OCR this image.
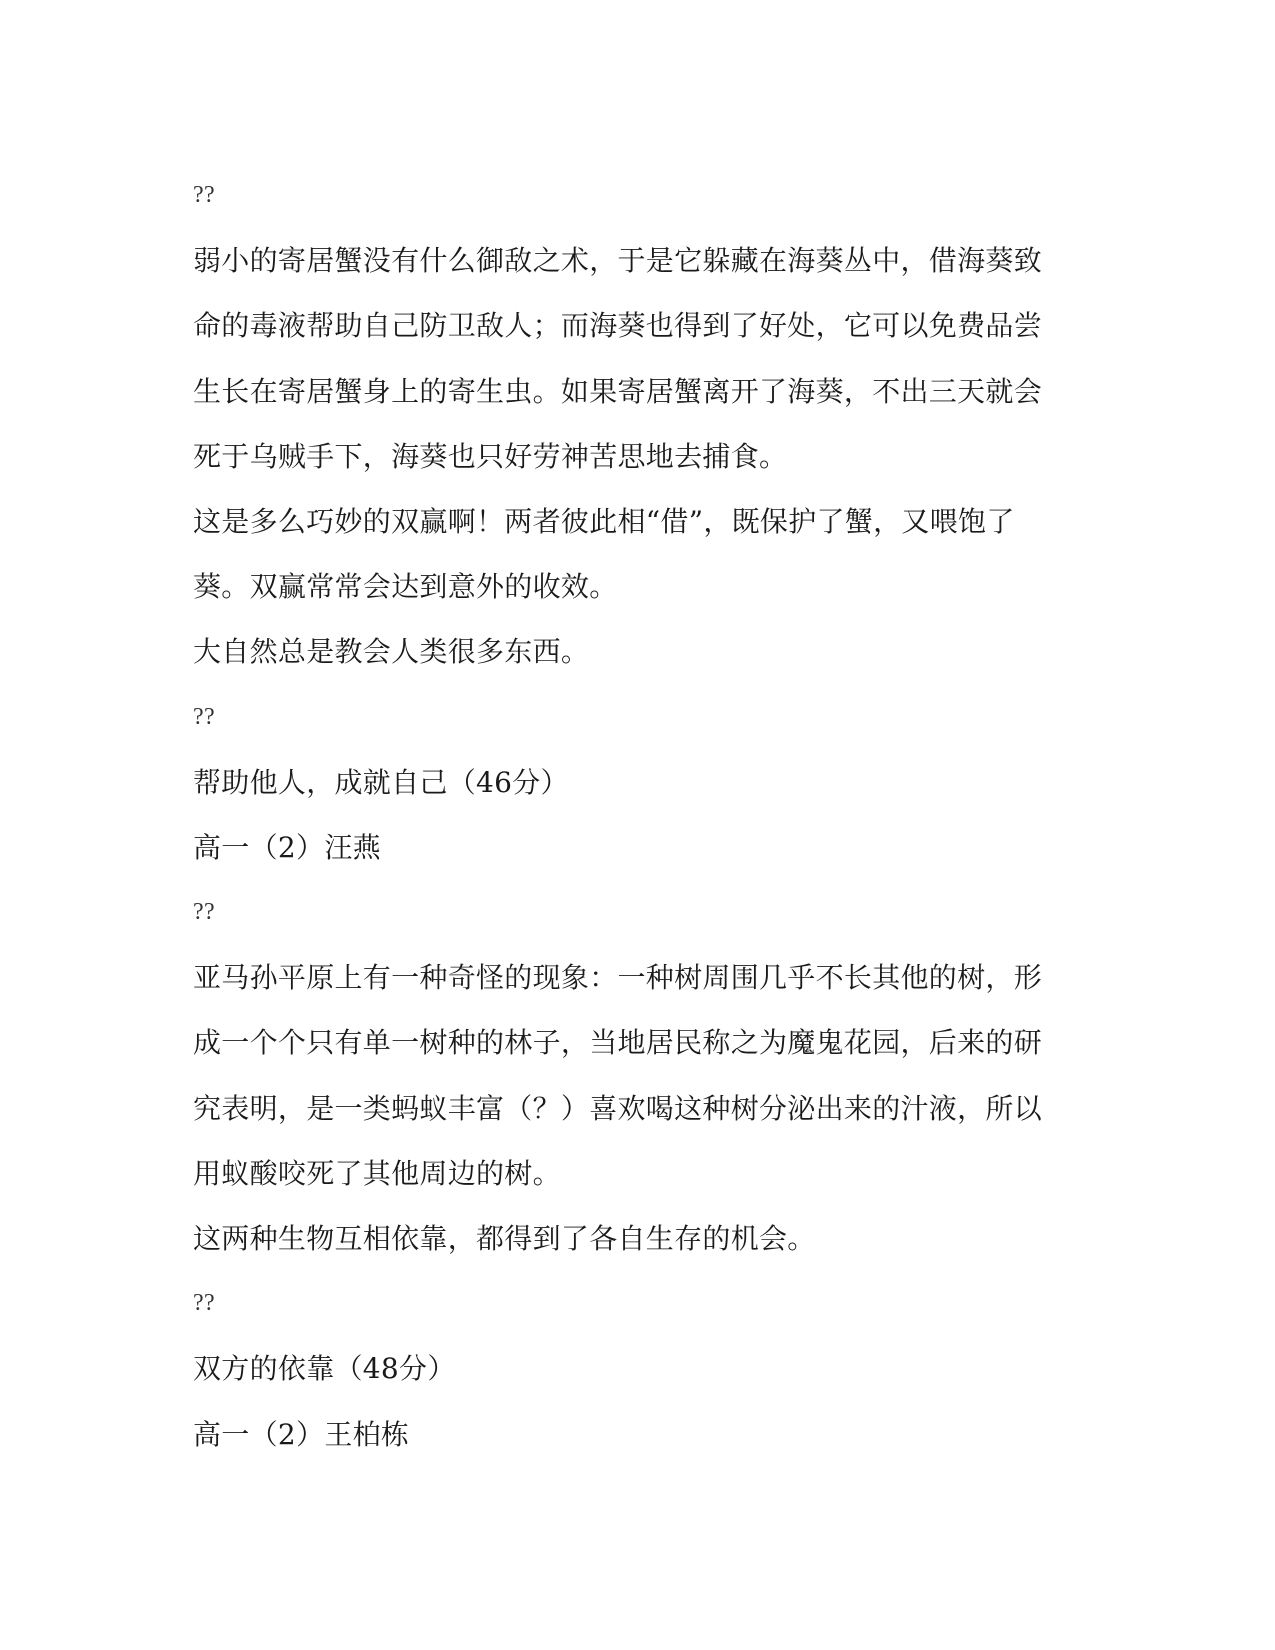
??
弱小的寄居蟹没有什么御敌之术，于是它躲藏在海葵丛中，借海葵致
命的毒液帮助自己防卫敌人；而海葵也得到了好处，它可以免费品尝
生长在寄居蟹身上的寄生虫。如果寄居蟹离开了海葵，不出三天就会
死于乌贼手下，海葵也只好劳神苦思地去捕食。
这是多么巧妙的双赢啊！两者彼此相“借”，既保护了蟹，又喂饱了
葵。双赢常常会达到意外的收效。
大自然总是教会人类很多东西。
??
帮助他人，成就自己（46分）
高一（2）汪燕
??
亚马孙平原上有一种奇怪的现象：一种树周围几乎不长其他的树，形
成一个个只有单一树种的林子，当地居民称之为魔鬼花园，后来的研
究表明，是一类蚂蚁丰富（？）喜欢喝这种树分泌出来的汁液，所以
用蚁酸咬死了其他周边的树。
这两种生物互相依靠，都得到了各自生存的机会。
??
双方的依靠（48分）
高一（2）王柏栋
